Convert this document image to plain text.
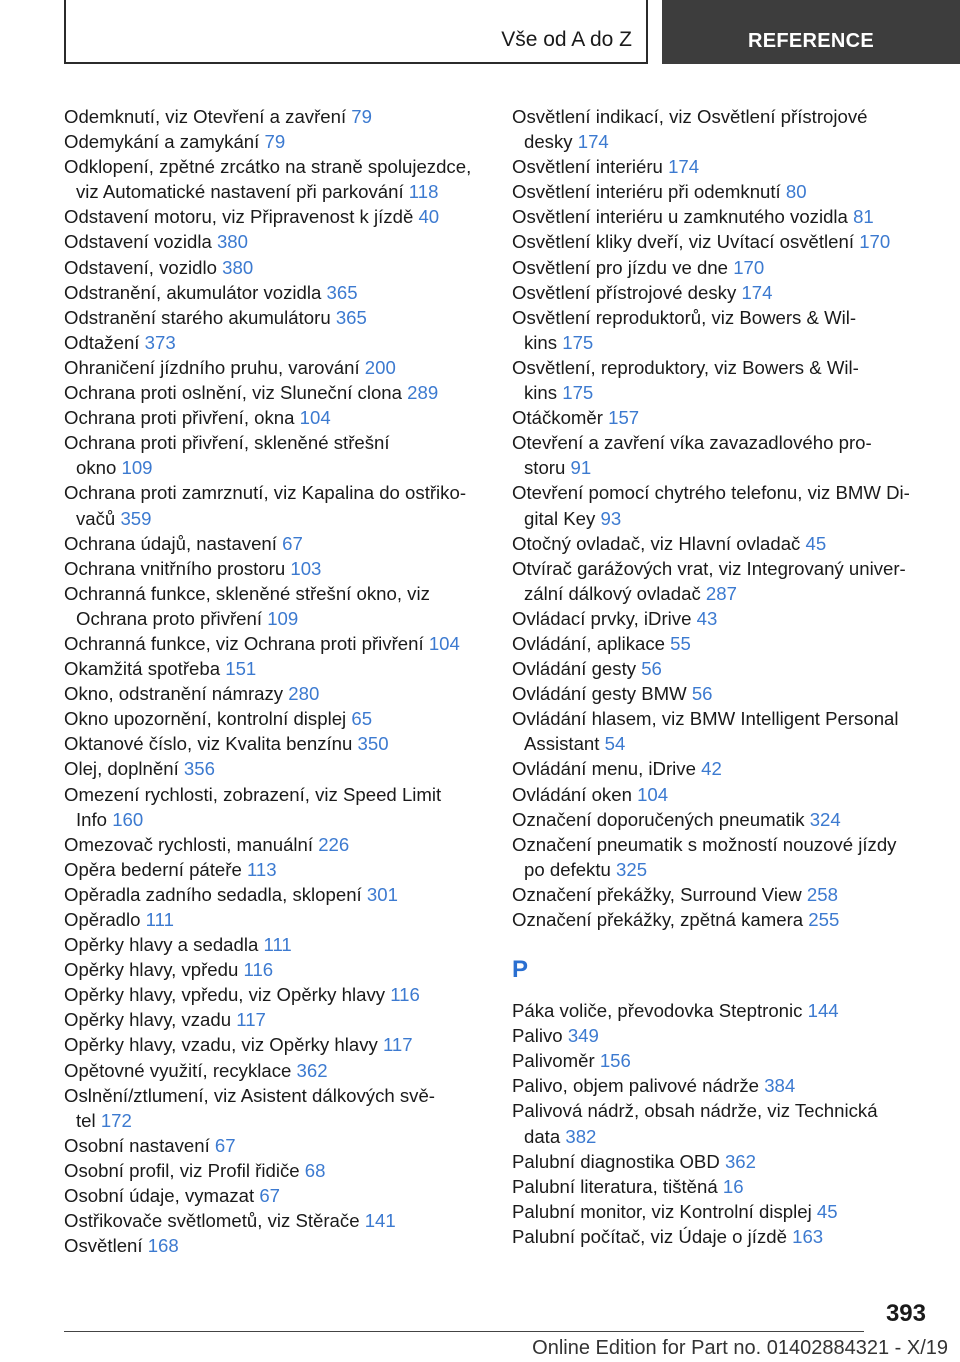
Vše od A do Z	REFERENCE
Odemknutí, viz Otevření a zavření 79
Odemykání a zamykání 79
Odklopení, zpětné zrcátko na straně spolujezdce,
viz Automatické nastavení při parkování 118
Odstavení motoru, viz Připravenost k jízdě 40
Odstavení vozidla 380
Odstavení, vozidlo 380
Odstranění, akumulátor vozidla 365
Odstranění starého akumulátoru 365
Odtažení 373
Ohraničení jízdního pruhu, varování 200
Ochrana proti oslnění, viz Sluneční clona 289
Ochrana proti přivření, okna 104
Ochrana proti přivření, skleněné střešní
okno 109
Ochrana proti zamrznutí, viz Kapalina do ostřiko-
vačů 359
Ochrana údajů, nastavení 67
Ochrana vnitřního prostoru 103
Ochranná funkce, skleněné střešní okno, viz
Ochrana proto přivření 109
Ochranná funkce, viz Ochrana proti přivření 104
Okamžitá spotřeba 151
Okno, odstranění námrazy 280
Okno upozornění, kontrolní displej 65
Oktanové číslo, viz Kvalita benzínu 350
Olej, doplnění 356
Omezení rychlosti, zobrazení, viz Speed Limit
Info 160
Omezovač rychlosti, manuální 226
Opěra bederní páteře 113
Opěradla zadního sedadla, sklopení 301
Opěradlo 111
Opěrky hlavy a sedadla 111
Opěrky hlavy, vpředu 116
Opěrky hlavy, vpředu, viz Opěrky hlavy 116
Opěrky hlavy, vzadu 117
Opěrky hlavy, vzadu, viz Opěrky hlavy 117
Opětovné využití, recyklace 362
Oslnění/ztlumení, viz Asistent dálkových svě-
tel 172
Osobní nastavení 67
Osobní profil, viz Profil řidiče 68
Osobní údaje, vymazat 67
Ostřikovače světlometů, viz Stěrače 141
Osvětlení 168
Osvětlení indikací, viz Osvětlení přístrojové
desky 174
Osvětlení interiéru 174
Osvětlení interiéru při odemknutí 80
Osvětlení interiéru u zamknutého vozidla 81
Osvětlení kliky dveří, viz Uvítací osvětlení 170
Osvětlení pro jízdu ve dne 170
Osvětlení přístrojové desky 174
Osvětlení reproduktorů, viz Bowers & Wil-
kins 175
Osvětlení, reproduktory, viz Bowers & Wil-
kins 175
Otáčkoměr 157
Otevření a zavření víka zavazadlového pro-
storu 91
Otevření pomocí chytrého telefonu, viz BMW Di-
gital Key 93
Otočný ovladač, viz Hlavní ovladač 45
Otvírač garážových vrat, viz Integrovaný univer-
zální dálkový ovladač 287
Ovládací prvky, iDrive 43
Ovládání, aplikace 55
Ovládání gesty 56
Ovládání gesty BMW 56
Ovládání hlasem, viz BMW Intelligent Personal
Assistant 54
Ovládání menu, iDrive 42
Ovládání oken 104
Označení doporučených pneumatik 324
Označení pneumatik s možností nouzové jízdy
po defektu 325
Označení překážky, Surround View 258
Označení překážky, zpětná kamera 255
P
Páka voliče, převodovka Steptronic 144
Palivo 349
Palivoměr 156
Palivo, objem palivové nádrže 384
Palivová nádrž, obsah nádrže, viz Technická
data 382
Palubní diagnostika OBD 362
Palubní literatura, tištěná 16
Palubní monitor, viz Kontrolní displej 45
Palubní počítač, viz Údaje o jízdě 163
393
Online Edition for Part no. 01402884321 - X/19
